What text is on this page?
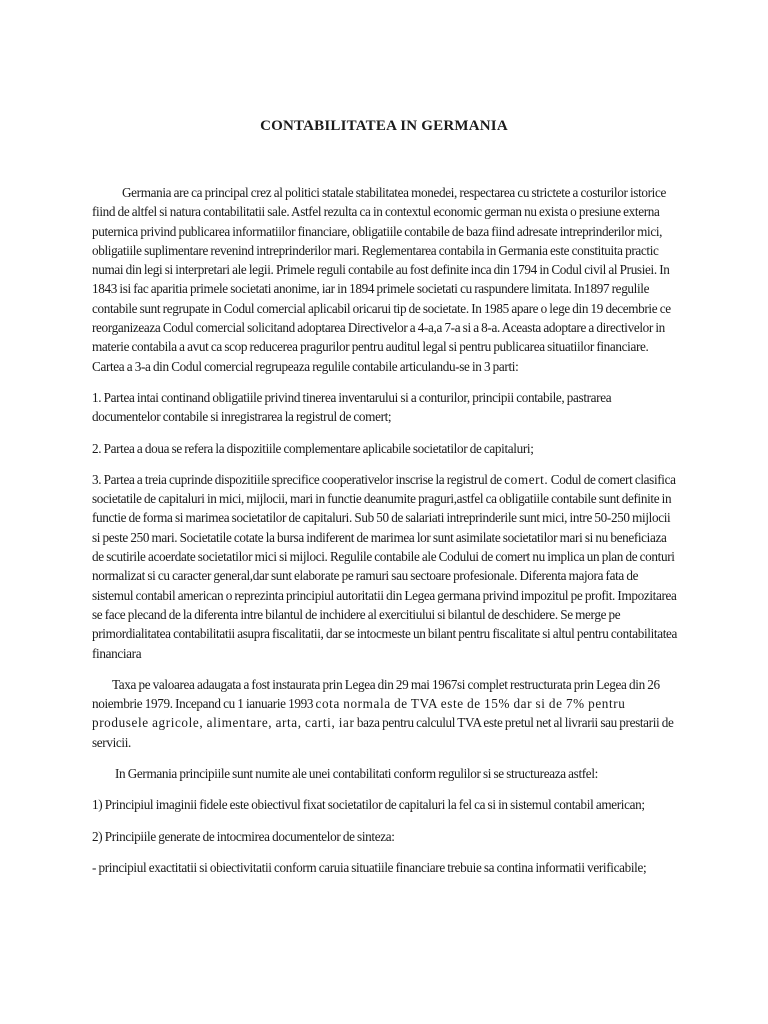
CONTABILITATEA IN GERMANIA

Germania are ca principal crez al politici statale stabilitatea monedei, respectarea cu strictete a costurilor istorice fiind de altfel si natura contabilitatii sale. Astfel rezulta ca in contextul economic german nu exista o presiune externa puternica privind publicarea informatiilor financiare, obligatiile contabile de baza fiind adresate intreprinderilor mici, obligatiile suplimentare revenind intreprinderilor mari. Reglementarea contabila in Germania este constituita practic numai din legi si interpretari ale legii. Primele reguli contabile au fost definite inca din 1794 in Codul civil al Prusiei. In 1843 isi fac aparitia primele societati anonime, iar in 1894 primele societati cu raspundere limitata. In1897 regulile contabile sunt regrupate in Codul comercial aplicabil oricarui tip de societate. In 1985 apare o lege din 19 decembrie ce reorganizeaza Codul comercial solicitand adoptarea Directivelor a 4-a,a 7-a si a 8-a. Aceasta adoptare a directivelor in materie contabila a avut ca scop reducerea pragurilor pentru auditul legal si pentru publicarea situatiilor financiare. Cartea a 3-a din Codul comercial regrupeaza regulile contabile articulandu-se in 3 parti:

1. Partea intai continand obligatiile privind tinerea inventarului si a conturilor, principii contabile, pastrarea documentelor contabile si inregistrarea la registrul de comert;

2. Partea a doua se refera la dispozitiile complementare aplicabile societatilor de capitaluri;

3. Partea a treia cuprinde dispozitiile sprecifice cooperativelor inscrise la registrul de comert. Codul de comert clasifica societatile de capitaluri in mici, mijlocii, mari in functie deanumite praguri,astfel ca obligatiile contabile sunt definite in functie de forma si marimea societatilor de capitaluri. Sub 50 de salariati intreprinderile sunt mici, intre 50-250 mijlocii si peste 250 mari. Societatile cotate la bursa indiferent de marimea lor sunt asimilate societatilor mari si nu beneficiaza de scutirile acoerdate societatilor mici si mijloci. Regulile contabile ale Codului de comert nu implica un plan de conturi normalizat si cu caracter general,dar sunt elaborate pe ramuri sau sectoare profesionale. Diferenta majora fata de sistemul contabil american o reprezinta principiul autoritatii din Legea germana privind impozitul pe profit. Impozitarea se face plecand de la diferenta intre bilantul de inchidere al exercitiului si bilantul de deschidere. Se merge pe primordialitatea contabilitatii asupra fiscalitatii, dar se intocmeste un bilant pentru fiscalitate si altul pentru contabilitatea financiara

Taxa pe valoarea adaugata a fost instaurata prin Legea din 29 mai 1967si complet restructurata prin Legea din 26 noiembrie 1979. Incepand cu 1 ianuarie 1993 cota normala de TVA este de 15% dar si de 7% pentru produsele agricole, alimentare, arta, carti, iar baza pentru calculul TVA este pretul net al livrarii sau prestarii de servicii.

In Germania principiile sunt numite ale unei contabilitati conform regulilor si se structureaza astfel:

1) Principiul imaginii fidele este obiectivul fixat societatilor de capitaluri la fel ca si in sistemul contabil american;

2) Principiile generate de intocmirea documentelor de sinteza:

- principiul exactitatii si obiectivitatii conform caruia situatiile financiare trebuie sa contina informatii verificabile;
